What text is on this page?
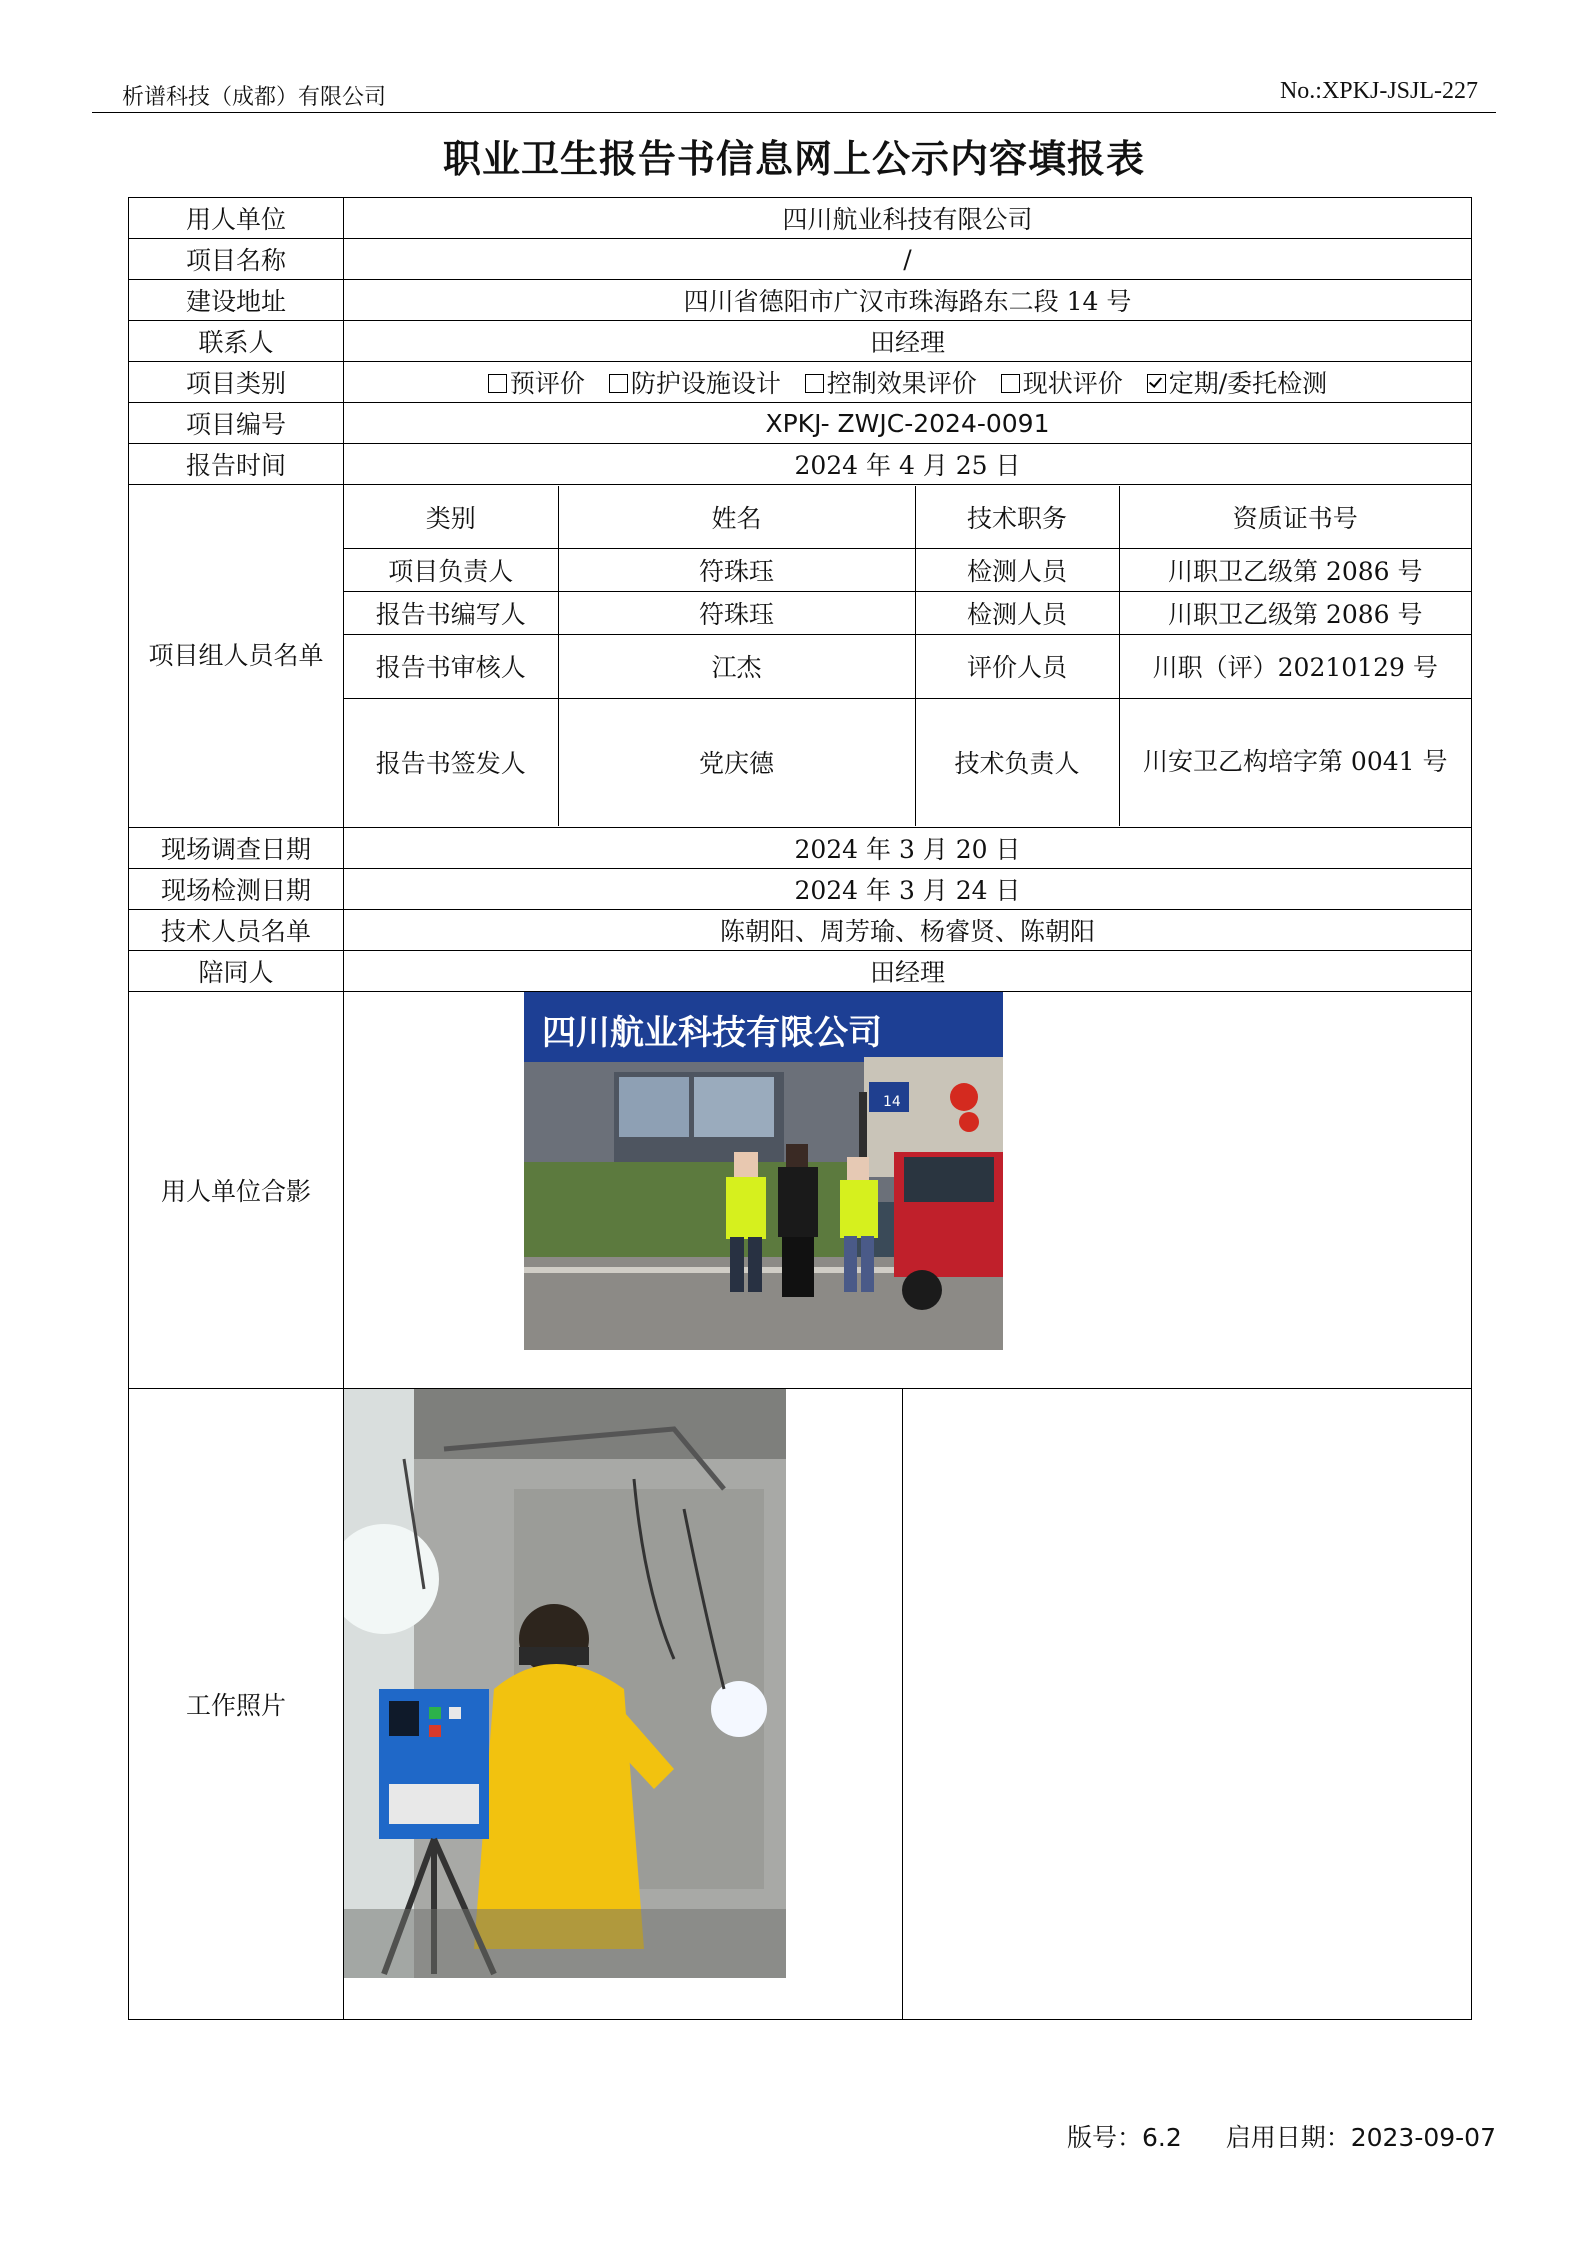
析谱科技（成都）有限公司	No.:XPKJ-JSJL-227
职业卫生报告书信息网上公示内容填报表
用人单位	四川航业科技有限公司
项目名称	/
建设地址	四川省德阳市广汉市珠海路东二段 14 号
联系人	田经理
项目类别	预评价 防护设施设计 控制效果评价 现状评价 定期/委托检测
项目编号	XPKJ- ZWJC-2024-0091
报告时间	2024 年 4 月 25 日
项目组人员名单	
类别	姓名	技术职务	资质证书号
项目负责人	符珠珏	检测人员	川职卫乙级第 2086 号
报告书编写人	符珠珏	检测人员	川职卫乙级第 2086 号
报告书审核人	江杰	评价人员	川职（评）20210129 号
报告书签发人	党庆德	技术负责人	川安卫乙构培字第 0041 号

现场调查日期	2024 年 3 月 20 日
现场检测日期	2024 年 3 月 24 日
技术人员名单	陈朝阳、周芳瑜、杨睿贤、陈朝阳
陪同人	田经理
用人单位合影	
四川航业科技有限公司
14

工作照片	

版号：6.2 启用日期：2023-09-07
